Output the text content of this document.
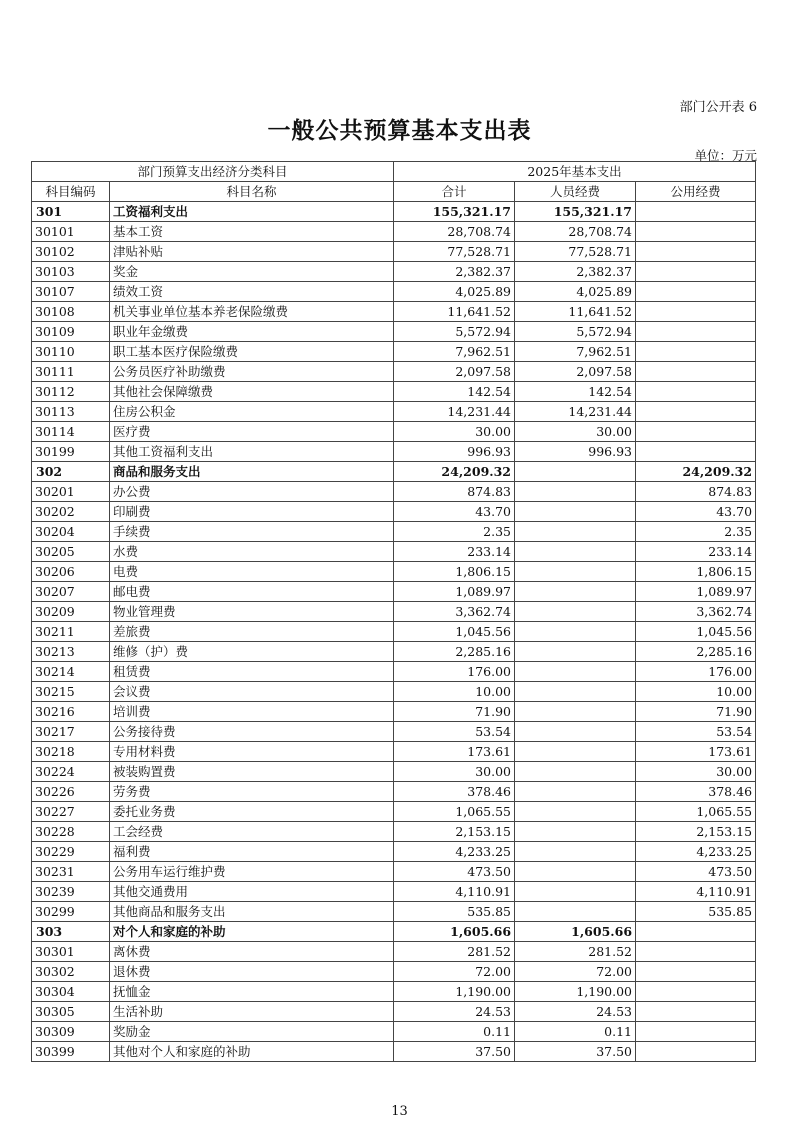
部门公开表 6
一般公共预算基本支出表
单位：万元
部门预算支出经济分类科目		2025年基本支出		
科目编码	科目名称	合计	人员经费	公用经费
301	工资福利支出	155,321.17	155,321.17	
30101	基本工资	28,708.74	28,708.74	
30102	津贴补贴	77,528.71	77,528.71	
30103	奖金	2,382.37	2,382.37	
30107	绩效工资	4,025.89	4,025.89	
30108	机关事业单位基本养老保险缴费	11,641.52	11,641.52	
30109	职业年金缴费	5,572.94	5,572.94	
30110	职工基本医疗保险缴费	7,962.51	7,962.51	
30111	公务员医疗补助缴费	2,097.58	2,097.58	
30112	其他社会保障缴费	142.54	142.54	
30113	住房公积金	14,231.44	14,231.44	
30114	医疗费	30.00	30.00	
30199	其他工资福利支出	996.93	996.93	
302	商品和服务支出	24,209.32		24,209.32
30201	办公费	874.83		874.83
30202	印刷费	43.70		43.70
30204	手续费	2.35		2.35
30205	水费	233.14		233.14
30206	电费	1,806.15		1,806.15
30207	邮电费	1,089.97		1,089.97
30209	物业管理费	3,362.74		3,362.74
30211	差旅费	1,045.56		1,045.56
30213	维修（护）费	2,285.16		2,285.16
30214	租赁费	176.00		176.00
30215	会议费	10.00		10.00
30216	培训费	71.90		71.90
30217	公务接待费	53.54		53.54
30218	专用材料费	173.61		173.61
30224	被装购置费	30.00		30.00
30226	劳务费	378.46		378.46
30227	委托业务费	1,065.55		1,065.55
30228	工会经费	2,153.15		2,153.15
30229	福利费	4,233.25		4,233.25
30231	公务用车运行维护费	473.50		473.50
30239	其他交通费用	4,110.91		4,110.91
30299	其他商品和服务支出	535.85		535.85
303	对个人和家庭的补助	1,605.66	1,605.66	
30301	离休费	281.52	281.52	
30302	退休费	72.00	72.00	
30304	抚恤金	1,190.00	1,190.00	
30305	生活补助	24.53	24.53	
30309	奖励金	0.11	0.11	
30399	其他对个人和家庭的补助	37.50	37.50	
13
